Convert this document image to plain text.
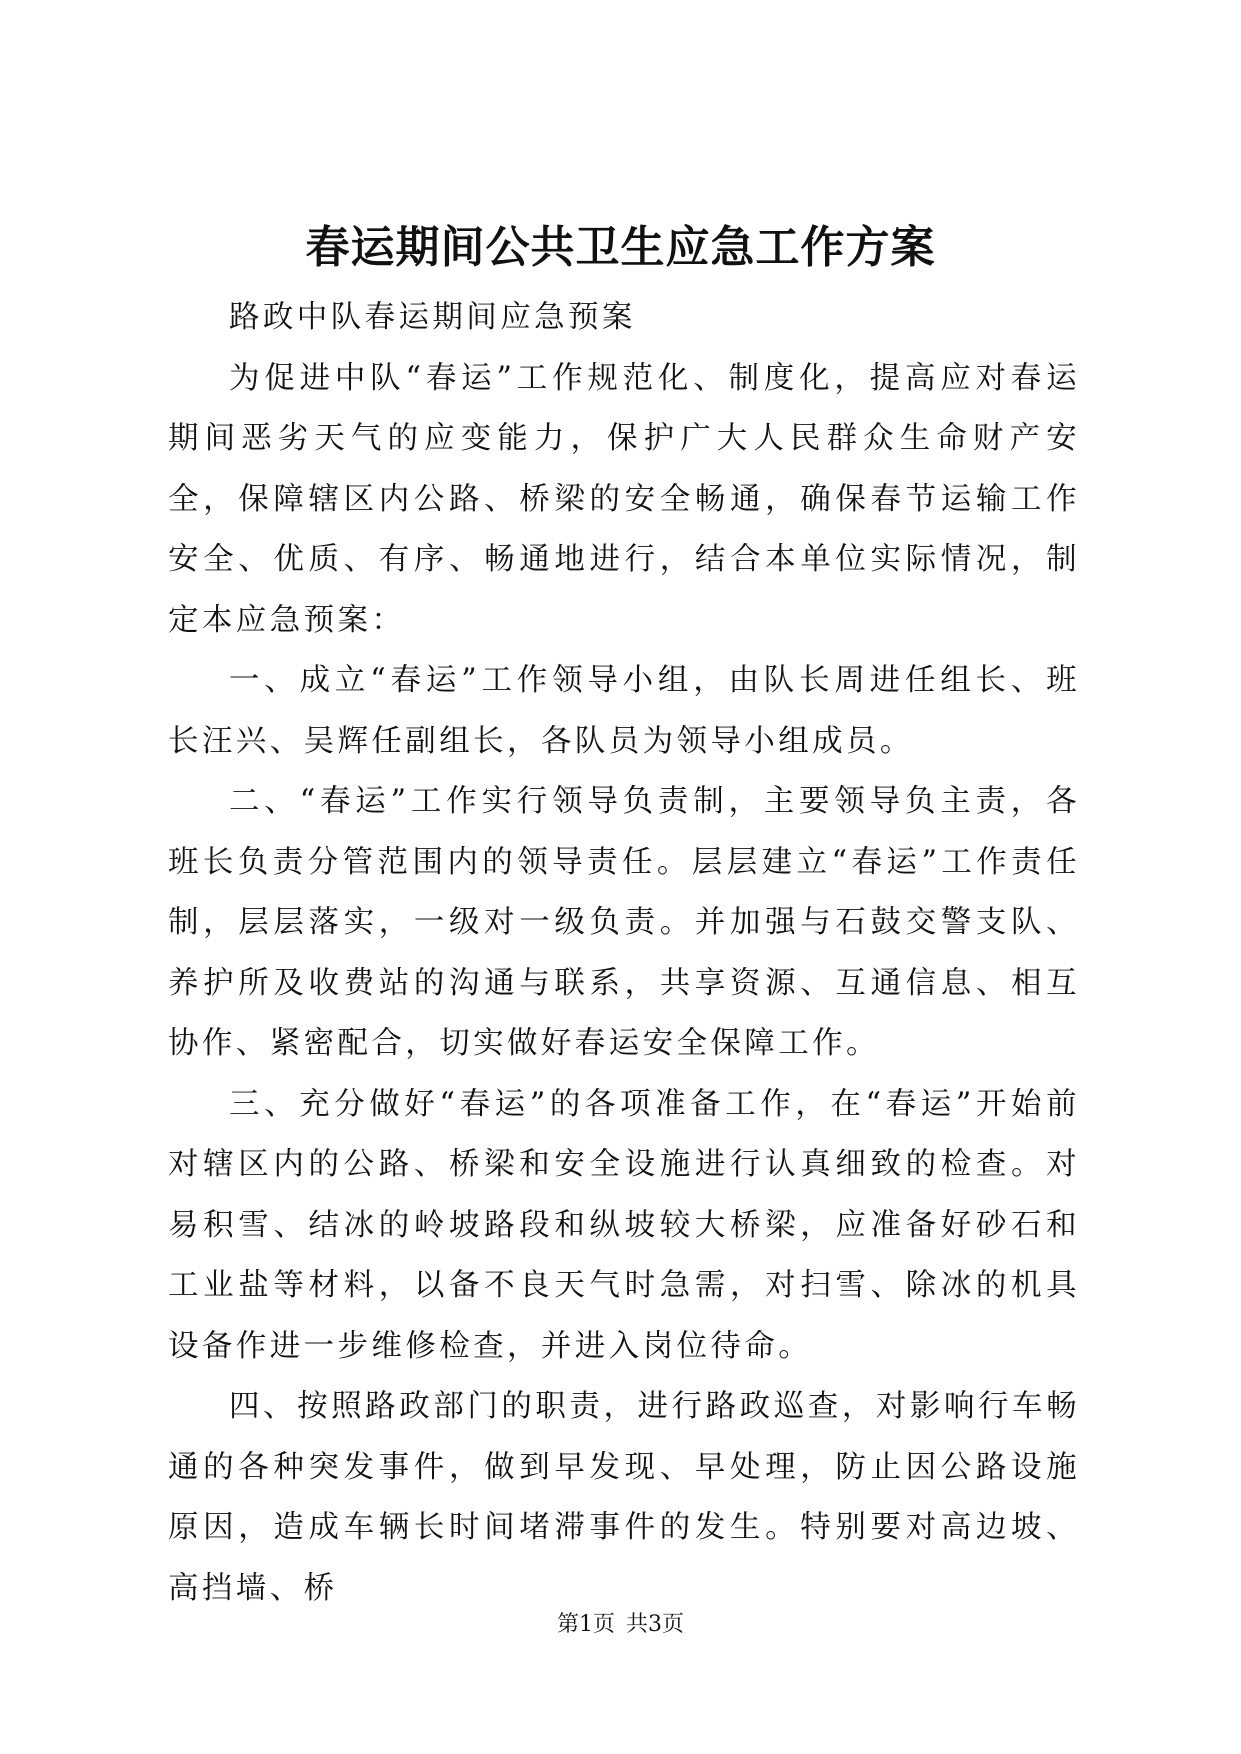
春运期间公共卫生应急工作方案

路政中队春运期间应急预案

为促进中队“春运”工作规范化、制度化，提高应对春运期间恶劣天气的应变能力，保护广大人民群众生命财产安全，保障辖区内公路、桥梁的安全畅通，确保春节运输工作安全、优质、有序、畅通地进行，结合本单位实际情况，制定本应急预案：

一、成立“春运”工作领导小组，由队长周进任组长、班长汪兴、吴辉任副组长，各队员为领导小组成员。

二、“春运”工作实行领导负责制，主要领导负主责，各班长负责分管范围内的领导责任。层层建立“春运”工作责任制，层层落实，一级对一级负责。并加强与石鼓交警支队、养护所及收费站的沟通与联系，共享资源、互通信息、相互协作、紧密配合，切实做好春运安全保障工作。

三、充分做好“春运”的各项准备工作，在“春运”开始前对辖区内的公路、桥梁和安全设施进行认真细致的检查。对易积雪、结冰的岭坡路段和纵坡较大桥梁，应准备好砂石和工业盐等材料，以备不良天气时急需，对扫雪、除冰的机具设备作进一步维修检查，并进入岗位待命。

四、按照路政部门的职责，进行路政巡查，对影响行车畅通的各种突发事件，做到早发现、早处理，防止因公路设施原因，造成车辆长时间堵滞事件的发生。特别要对高边坡、高挡墙、桥

第1页 共3页
